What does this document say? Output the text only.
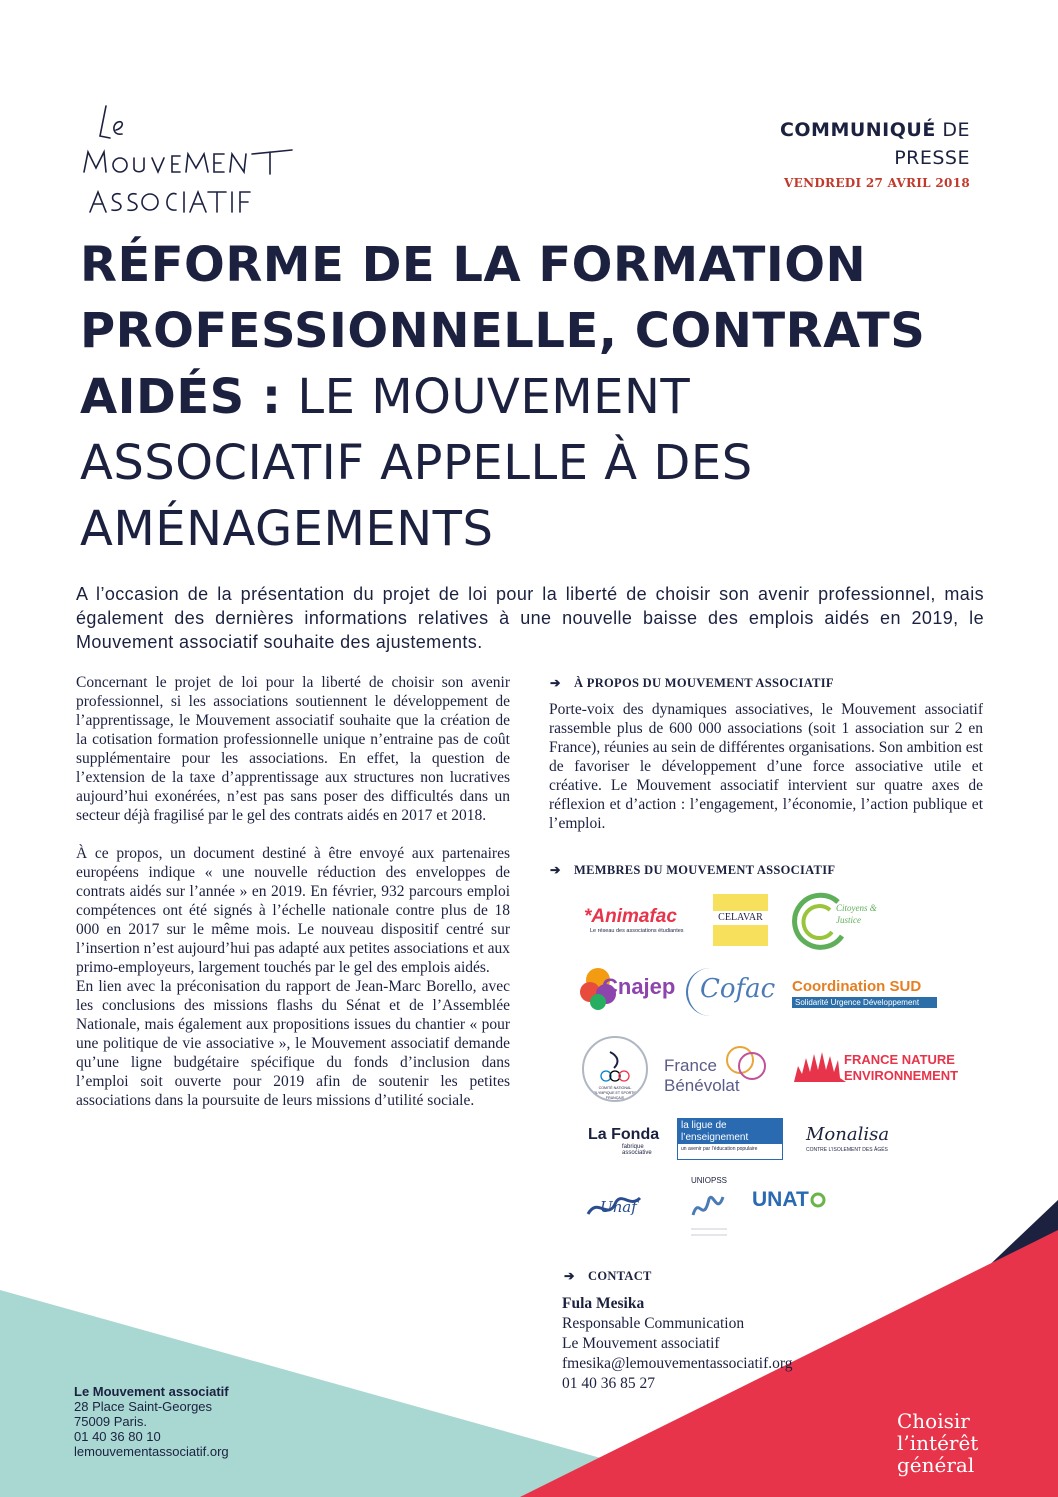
COMMUNIQUÉ DE
PRESSE
VENDREDI 27 AVRIL 2018
RÉFORME DE LA FORMATION PROFESSIONNELLE, CONTRATS AIDÉS : LE MOUVEMENT ASSOCIATIF APPELLE À DES AMÉNAGEMENTS
A l’occasion de la présentation du projet de loi pour la liberté de choisir son avenir professionnel, mais également des dernières informations relatives à une nouvelle baisse des emplois aidés en 2019, le Mouvement associatif souhaite des ajustements.

Concernant le projet de loi pour la liberté de choisir son avenir professionnel, si les associations soutiennent le développement de l’apprentissage, le Mouvement associatif souhaite que la création de la cotisation formation professionnelle unique n’entraine pas de coût supplémentaire pour les associations. En effet, la question de l’extension de la taxe d’apprentissage aux structures non lucratives aujourd’hui exonérées, n’est pas sans poser des difficultés dans un secteur déjà fragilisé par le gel des contrats aidés en 2017 et 2018.

À ce propos, un document destiné à être envoyé aux partenaires européens indique « une nouvelle réduction des enveloppes de contrats aidés sur l’année » en 2019. En février, 932 parcours emploi compétences ont été signés à l’échelle nationale contre plus de 18 000 en 2017 sur le même mois. Le nouveau dispositif centré sur l’insertion n’est aujourd’hui pas adapté aux petites associations et aux primo-employeurs, largement touchés par le gel des emplois aidés.

En lien avec la préconisation du rapport de Jean-Marc Borello, avec les conclusions des missions flashs du Sénat et de l’Assemblée Nationale, mais également aux propositions issues du chantier « pour une politique de vie associative », le Mouvement associatif demande qu’une ligne budgétaire spécifique du fonds d’inclusion dans l’emploi soit ouverte pour 2019 afin de soutenir les petites associations dans la poursuite de leurs missions d’utilité sociale.

➔ À PROPOS DU MOUVEMENT ASSOCIATIF
Porte-voix des dynamiques associatives, le Mouvement associatif rassemble plus de 600 000 associations (soit 1 association sur 2 en France), réunies au sein de différentes organisations. Son ambition est de favoriser le développement d’une force associative utile et créative. Le Mouvement associatif intervient sur quatre axes de réflexion et d’action : l’engagement, l’économie, l’action publique et l’emploi.
➔ MEMBRES DU MOUVEMENT ASSOCIATIF
*Animafac
Le réseau des associations étudiantes
CELAVAR
Citoyens & Justice
Cnajep Cofac	Coordination SUD
Solidarité Urgence Développement
COMITÉ NATIONAL OLYMPIQUE ET SPORTIF FRANÇAIS
France
Bénévolat
FRANCE NATURE
ENVIRONNEMENT
La Fonda
fabrique associative
la ligue de
l’enseignement
un avenir par l’éducation populaire
Monalisa
CONTRE L’ISOLEMENT DES ÂGÉS
Unaf
UNIOPSS
UNAT
➔ CONTACT
Fula Mesika
Responsable Communication
Le Mouvement associatif
fmesika@lemouvementassociatif.org
01 40 36 85 27
Le Mouvement associatif
28 Place Saint-Georges
75009 Paris.
01 40 36 80 10
lemouvementassociatif.org
Choisir
l’intérêt
général
